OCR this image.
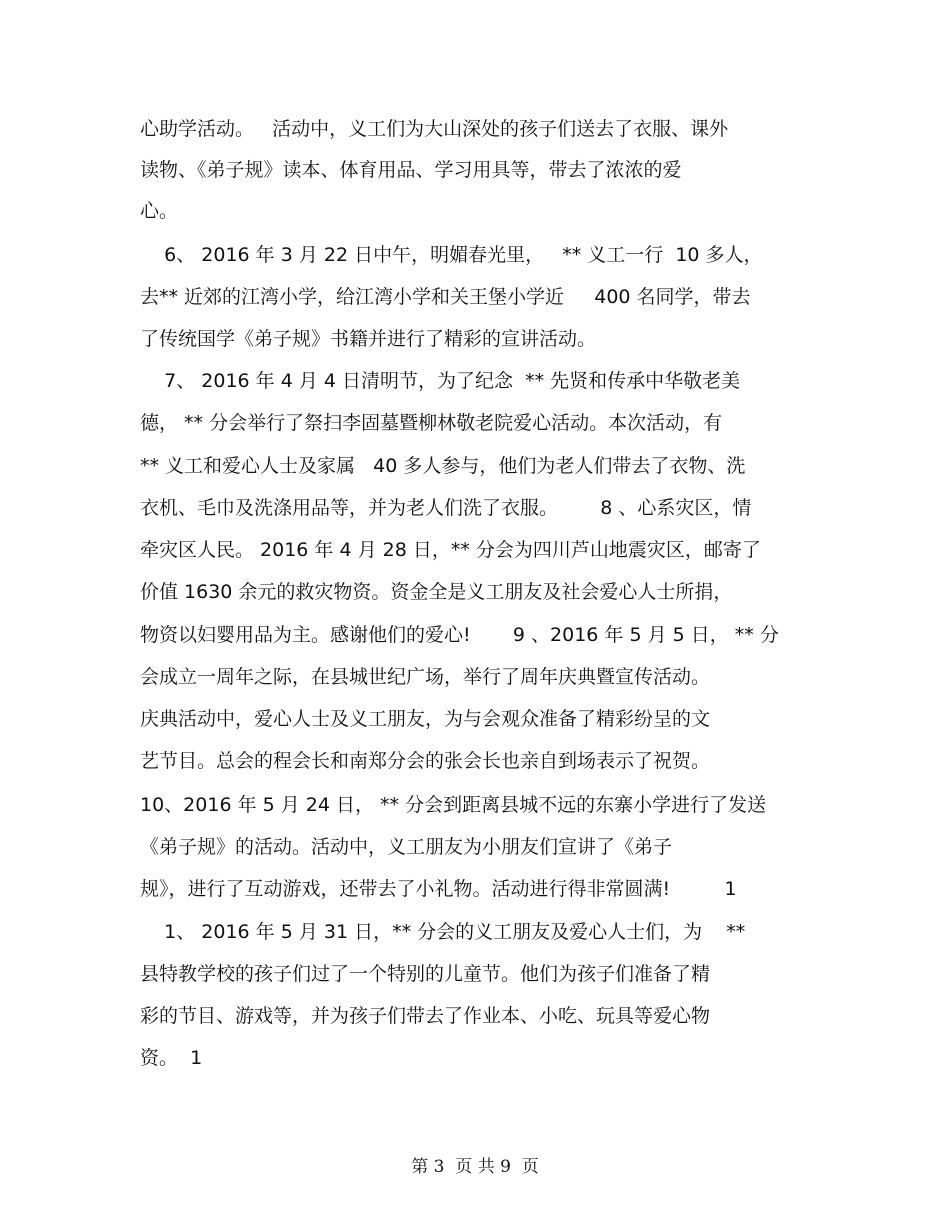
心助学活动。   活动中，义工们为大山深处的孩子们送去了衣服、课外
读物、《弟子规》读本、体育用品、学习用具等，带去了浓浓的爱
心。
6、 2016 年 3 月 22 日中午，明媚春光里，   ** 义工一行  10 多人，
去** 近郊的江湾小学，给江湾小学和关王堡小学近     400 名同学，带去
了传统国学《弟子规》书籍并进行了精彩的宣讲活动。
7、 2016 年 4 月 4 日清明节，为了纪念  ** 先贤和传承中华敬老美
德， ** 分会举行了祭扫李固墓暨柳林敬老院爱心活动。本次活动，有
** 义工和爱心人士及家属   40 多人参与，他们为老人们带去了衣物、洗
衣机、毛巾及洗涤用品等，并为老人们洗了衣服。       8 、心系灾区，情
牵灾区人民。 2016 年 4 月 28 日，** 分会为四川芦山地震灾区，邮寄了
价值 1630 余元的救灾物资。资金全是义工朋友及社会爱心人士所捐，
物资以妇婴用品为主。感谢他们的爱心!       9 、2016 年 5 月 5 日， ** 分
会成立一周年之际，在县城世纪广场，举行了周年庆典暨宣传活动。
庆典活动中，爱心人士及义工朋友，为与会观众准备了精彩纷呈的文
艺节目。总会的程会长和南郑分会的张会长也亲自到场表示了祝贺。
10、2016 年 5 月 24 日， ** 分会到距离县城不远的东寨小学进行了发送
《弟子规》的活动。活动中，义工朋友为小朋友们宣讲了《弟子
规》，进行了互动游戏，还带去了小礼物。活动进行得非常圆满!         1
1、 2016 年 5 月 31 日，** 分会的义工朋友及爱心人士们，为    **
县特教学校的孩子们过了一个特别的儿童节。他们为孩子们准备了精
彩的节目、游戏等，并为孩子们带去了作业本、小吃、玩具等爱心物
资。  1
第 3  页 共 9  页
